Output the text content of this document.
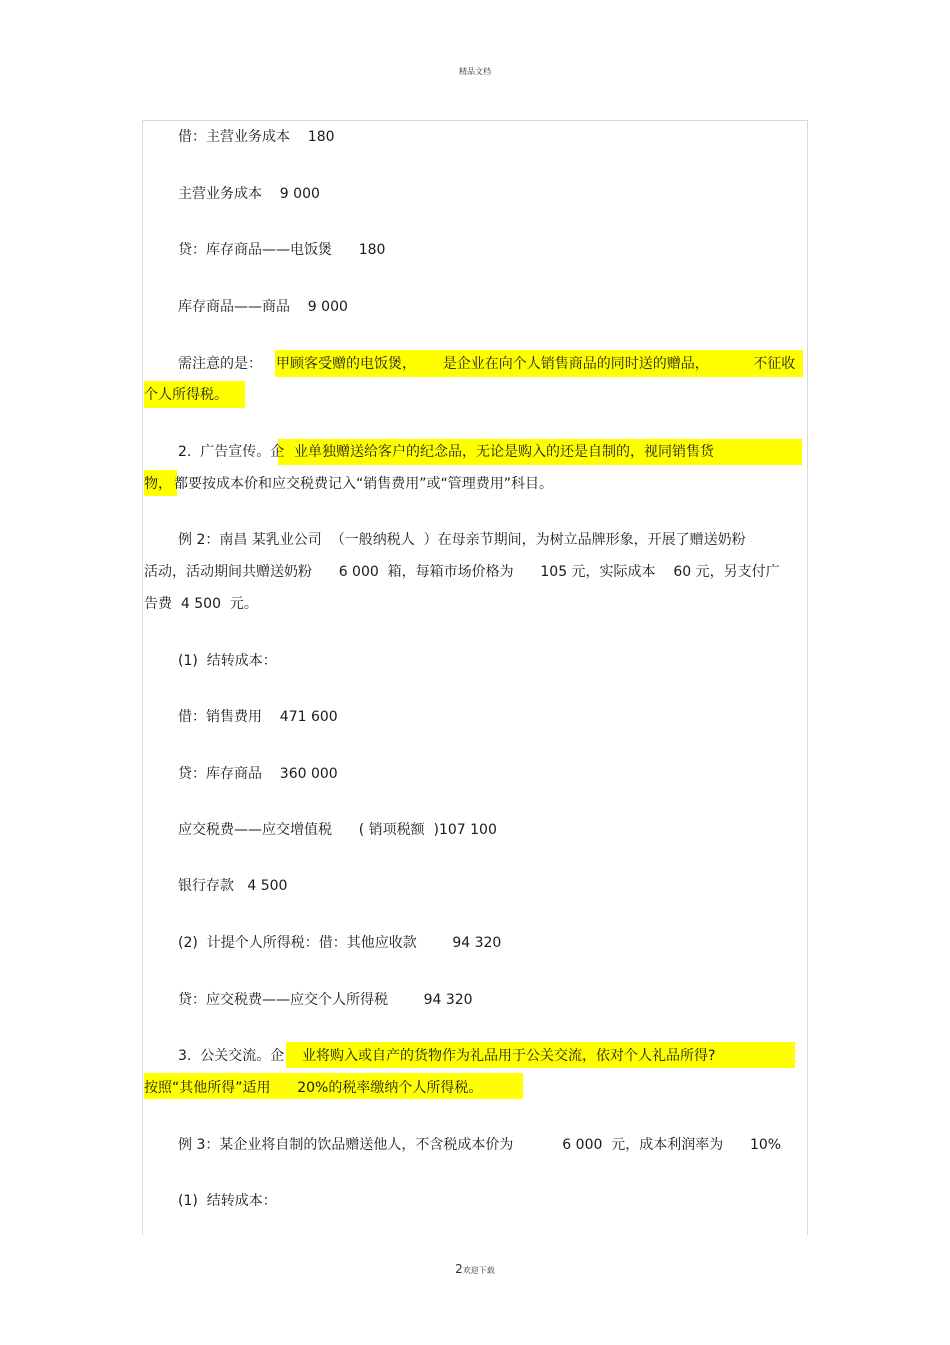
精品文档
借：主营业务成本    180
主营业务成本    9 000
贷：库存商品——电饭煲      180
库存商品——商品    9 000
需注意的是： 甲顾客受赠的电饭煲，      是企业在向个人销售商品的同时送的赠品，          不征收
个人所得税。
2.  广告宣传。企 业单独赠送给客户的纪念品，无论是购入的还是自制的，视同销售货
物， 都要按成本价和应交税费记入“销售费用”或“管理费用”科目。
例 2：南昌 某乳业公司  （一般纳税人  ）在母亲节期间，为树立品牌形象，开展了赠送奶粉
活动，活动期间共赠送奶粉      6 000  箱，每箱市场价格为      105 元，实际成本    60 元，另支付广
告费  4 500  元。
(1)  结转成本：
借：销售费用    471 600
贷：库存商品    360 000
应交税费——应交增值税      ( 销项税额  )107 100
银行存款   4 500
(2)  计提个人所得税：借：其他应收款        94 320
贷：应交税费——应交个人所得税        94 320
3.  公关交流。企 业将购入或自产的货物作为礼品用于公关交流，依对个人礼品所得?
按照“其他所得”适用      20%的税率缴纳个人所得税。
例 3：某企业将自制的饮品赠送他人，不含税成本价为           6 000  元，成本利润率为      10%
(1)  结转成本：
2欢迎下载
